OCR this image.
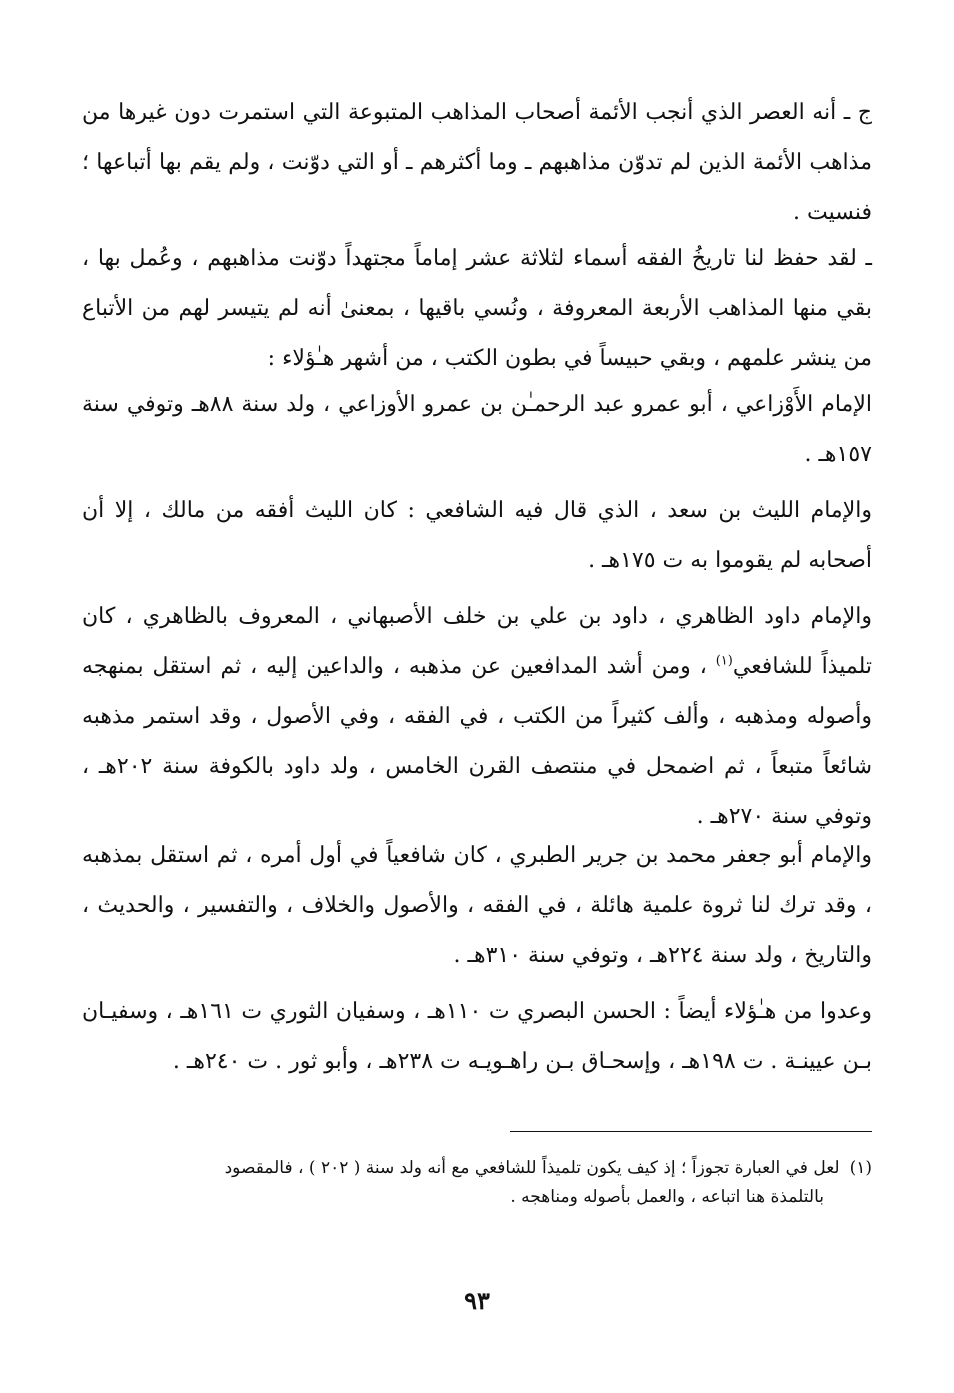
ج ـ أنه العصر الذي أنجب الأئمة أصحاب المذاهب المتبوعة التي استمرت دون غيرها من مذاهب الأئمة الذين لم تدوّن مذاهبهم ـ وما أكثرهم ـ أو التي دوّنت ، ولم يقم بها أتباعها ؛ فنسيت .

ـ لقد حفظ لنا تاريخُ الفقه أسماء لثلاثة عشر إماماً مجتهداً دوّنت مذاهبهم ، وعُمل بها ، بقي منها المذاهب الأربعة المعروفة ، ونُسي باقيها ، بمعنىٰ أنه لم يتيسر لهم من الأتباع من ينشر علمهم ، وبقي حبيساً في بطون الكتب ، من أشهر هـٰؤلاء :

الإمام الأَوْزاعي ، أبو عمرو عبد الرحمـٰن بن عمرو الأوزاعي ، ولد سنة ٨٨هـ وتوفي سنة ١٥٧هـ .

والإمام الليث بن سعد ، الذي قال فيه الشافعي : كان الليث أفقه من مالك ، إلا أن أصحابه لم يقوموا به ت ١٧٥هـ .

والإمام داود الظاهري ، داود بن علي بن خلف الأصبهاني ، المعروف بالظاهري ، كان تلميذاً للشافعي$^{(١)}$ ، ومن أشد المدافعين عن مذهبه ، والداعين إليه ، ثم استقل بمنهجه وأصوله ومذهبه ، وألف كثيراً من الكتب ، في الفقه ، وفي الأصول ، وقد استمر مذهبه شائعاً متبعاً ، ثم اضمحل في منتصف القرن الخامس ، ولد داود بالكوفة سنة ٢٠٢هـ ، وتوفي سنة ٢٧٠هـ .

والإمام أبو جعفر محمد بن جرير الطبري ، كان شافعياً في أول أمره ، ثم استقل بمذهبه ، وقد ترك لنا ثروة علمية هائلة ، في الفقه ، والأصول والخلاف ، والتفسير ، والحديث ، والتاريخ ، ولد سنة ٢٢٤هـ ، وتوفي سنة ٣١٠هـ .

وعدوا من هـٰؤلاء أيضاً : الحسن البصري ت ١١٠هـ ، وسفيان الثوري ت ١٦١هـ ، وسفيـان بـن عيينـة . ت ١٩٨هـ ، وإسحـاق بـن راهـويـه ت ٢٣٨هـ ، وأبو ثور . ت ٢٤٠هـ .

(١)لعل في العبارة تجوزاً ؛ إذ كيف يكون تلميذاً للشافعي مع أنه ولد سنة ( ٢٠٢ ) ، فالمقصود
بالتلمذة هنا اتباعه ، والعمل بأصوله ومناهجه .
٩٣
